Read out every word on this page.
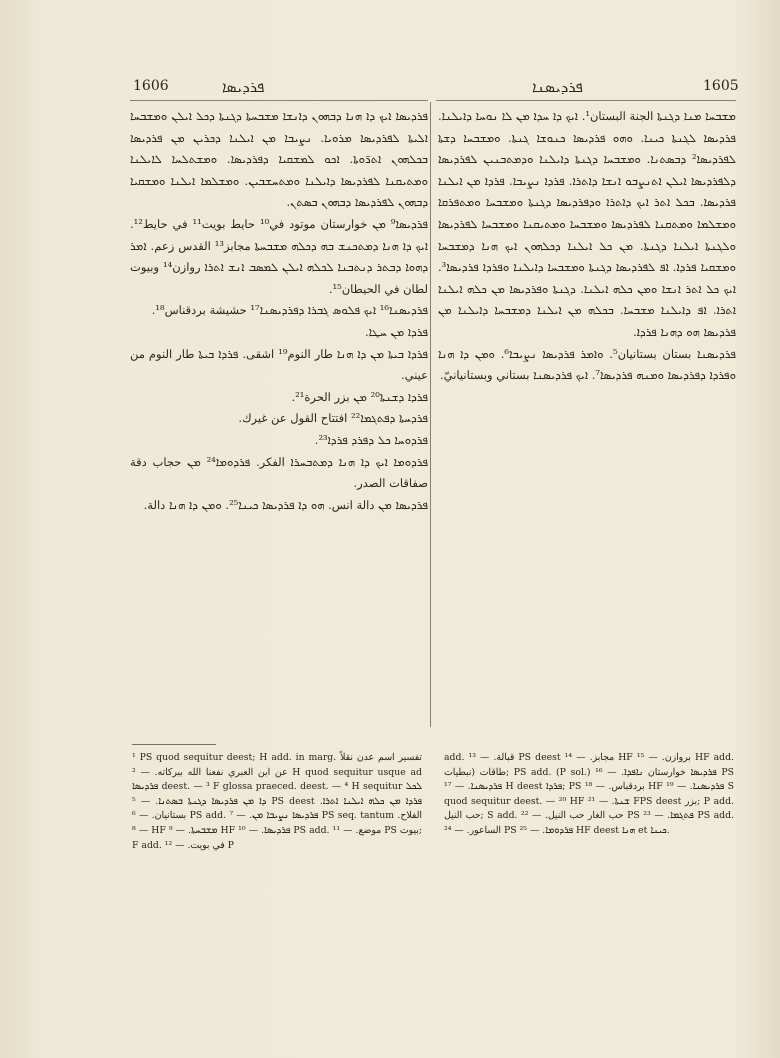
1606	ܦܪܕܝܣܐ	ܦܪܕܝܣܢܐ	1605

ܦܪܕܝܣܐ ܐܝܟ ܕܐ ܗܢܐ ܕܒܗܘܢ ܕܐܢܫܐ ܡܫܒܚܬܐ ܕܓܢܬܐ ܕܟܠ ܐܝܠܢ ܘܡܫܒܚܐ ܐܠܝܬܐ ܠܦܪܕܝܣܐ ܡܪܘܝܐ. ܢܨܝܒܐ ܡܢ ܐܝܠܢܐ ܕܟܪܝܢ ܡܢ ܦܪܕܝܣܐ ܒܟܠܗܘܢ ܐܬܪ̈ܘܬܐ. ܐܟܘ ܠܡܫܩܝܐ ܕܦܪܕܝܣܐ. ܘܡܫܬܠܚܐ ܠܐܝܠܢܐ ܘܡܬܝܩܢܐ ܠܦܪܕܝܣܐ ܕܐܝܠܢܐ ܘܡܬܚܫܒܝܢ. ܘܡܫܠܡܐ ܐܝܠܢܐ ܘܡܫܩܝܐ ܕܒܗܘܢ ܠܦܪܕܝܣܐ ܕܒܗܘܢ ܒܣܬܢ.

ܦܪܕܝܣܐ⁹ ܡܢ خوارستان موتود في¹⁰ حايط بويت¹¹ في حايط¹². ܐܝܟ ܕܐ ܗܢܐ ܕܡܬܟܢܫ ܒܗ ܕܟܠܗ ܡܫܒܚܬܐ مجابز¹³ القدس زعم. ܐܡܪ ܕܗܘܐ ܕܒܬܪ ܕܢܬܒܢܐ ܠܟܠܗ ܐܝܠܢ ܠܡܣܒ ܐܢܫ ܐܬܪܐ روازن¹⁴ وبيوت لطان في الحيطان¹⁵.

ܦܪܕܝܣܢܐ¹⁶ ܐܝܟ ܦܠܘܣ ܓܒܪܐ ܕܦܪܕܝܣܢܐ¹⁷ حشيشة بردقناس¹⁸.

ܦܪܕܐ ܡܢ ܚܛܐ.

ܦܪܕܐ ܒܝܬܐ ܡܢ ܕܐ ܗܢܐ طار النوم¹⁹ اشقى. ܦܪܕܐ ܒܝܬܐ طار النوم من عيني.

ܦܪܕܐ ܕܫܢܬܐ²⁰ ܡܢ بزر الحرة²¹.

ܦܪܕܚܬܐ ܕܦܬܓܡܐ²² افتتاح القول عن غيرك.

ܦܪܕܘܚܐ ܟܠ ܕܦܪܕ ܦܪܕܐ²³.

ܦܪܕܘܡܐ ܐܝܟ ܕܐ ܗܢܐ ܕܡܬܒܚܪܐ الفكر. ܦܪܕܘܡܐ²⁴ ܡܢ حجاب دقة صفاقات الصدر.

ܦܪܕܝܣܐ ܡܢ دالة انس. ܗܘ ܕܐ ܦܪܕܝܣܐ ܟܝܢܐ²⁵. ܘܡܢ ܕܐ ܗܢܐ دالة.

ܡܫܒܚܐ ܡܢܐ ܕܓܢܬܐ الجنة البستان¹. ܐܝܟ ܕܐ ܚܕܐ ܡܢ ܠܐ ܢܘܚܐ ܕܐܝܠܢܐ. ܦܪܕܝܣܐ ܠܓܢܬܐ ܟܝܢܐ. ܘܗܘ ܦܪܕܝܣܐ ܟܢܘܫܐ ܓܢܬܐ. ܘܡܫܒܚܐ ܕܫܬܐ ܠܦܪܕܝܣܐ² ܕܒܣܬܢܐ. ܘܡܫܒܚܐ ܕܓܢܬܐ ܕܐܝܠܢܐ ܘܕܡܬܒܢܝܢ ܠܦܪܕܝܣܐ ܕܠܦܪܕܝܣܐ ܐܝܠܢ ܐܬܢܨܒܘ ܐܢܫܐ ܕܐܬܪܐ. ܦܪܕܐ ܢܨܝܒܐ. ܦܪܕܐ ܡܢ ܐܝܠܢܐ ܦܪܕܝܣܐ. ܒܟܠ ܐܬܪ ܐܝܟ ܕܐܬܪܐ ܘܕܦܪܕܝܣܐ ܕܓܢܬܐ ܘܡܫܒܚܐ ܘܡܬܦܪܩܐ ܘܡܫܠܡܐ ܘܡܬܩܢܐ ܠܦܪܕܝܣܐ ܘܡܫܒܚܐ ܘܡܬܝܩܢܐ ܘܡܫܒܚܐ ܠܦܪܕܝܣܐ ܘܠܓܢܬܐ ܐܝܠܢܐ ܕܓܢܬܐ. ܡܢ ܟܠ ܐܝܠܢܐ ܕܟܠܗܘܢ ܐܝܟ ܗܢܐ ܕܡܫܒܚܐ ܘܡܫܩܝܐ ܦܪܕܐ. ܐܦ ܠܦܪܕܝܣܐ ܕܓܢܬܐ ܘܡܫܒܚܐ ܕܐܝܠܢܐ ܘܦܪܕܐ ܦܪܕܝܣܐ³. ܐܝܟ ܟܠ ܐܬܪ ܐܢܫܐ ܘܡܢ ܟܠܗ ܐܝܠܢܐ. ܕܓܢܬܐ ܘܦܪܕܝܣܐ ܡܢ ܟܠܗ ܐܝܠܢܐ ܐܬܪܐ. ܐܦ ܕܐܝܠܢܐ ܡܫܒܚܐ. ܒܟܠܗ ܡܢ ܐܝܠܢܐ ܕܡܫܒܚܐ ܕܐܝܠܢܐ ܡܢ ܦܪܕܝܣܐ ܗܘ ܕܗܢܐ ܦܪܕܐ.

ܦܪܕܝܣܢܐ بستان بستانيان⁵. ܘܐܡܪ ܦܪܕܝܣܐ ܢܨܝܒܐ⁶. ܘܡܢ ܕܐ ܗܢܐ ܘܦܪܕܐ ܕܦܪܕܝܣܐ ܘܡܢܗ ܦܪܕܝܣܐ⁷. ܐܝܟ ܦܪܕܝܣܢܐ بستاني وبستانيانيّ.

¹ PS quod sequitur deest; H add. in marg. تفسير اسم عدن نقلاً عن ابن العبري نفعنا الله ببركاته. — ² H quod sequitur usque ad ܦܪܕܝܣܐ deest. — ³ F glossa praeced. deest. — ⁴ H sequitur ܠܟܠ ܕܐ ܡܢ ܦܪܕܝܣܐ ܕܓܢܬܐ ܒܣܬܢܐ. — ⁵ PS deest ܦܪܕܐ ܡܢ ܟܠܗ ܐܝܠܢܐ ܐܬܪܐ. بستانيان. — ⁶ PS add. ܦܪܕܝܣܐ ܢܨܝܒܐ ܡܢ. — ⁷ PS seq. tantum الفلاح. — ⁸ HF ܡܫܒܚܬܐ. — ⁹ HF ܦܪܕܝܣܐ. — ¹⁰ PS add. موضع. — ¹¹ PS بيوت; F add. في بويت. — ¹² P

add. قبالة. — ¹³ PS deest مجابز. — ¹⁴ HF بروازن. — ¹⁵ HF add. طاقات (نبطيات; PS add. (P sol.) ܦܪܕܝܣܐ خوارستان ܢܐܦܕܐ. — ¹⁶ PS ܦܪܕܝܣܢܐ. — ¹⁷ H deest ܦܪܕܐ; PS بردقباس. — ¹⁸ HF ܦܪܕܝܣܢܐ. — ¹⁹ S quod sequitur deest. — ²⁰ HF ܫܢܬܐ. — ²¹ FPS deest بزر; P add. حب النيل; S add. حب الغار حب النيل. — ²² PS ܦܬܓܡܐ. — ²³ PS add. الساعور. — ²⁴ PS ܦܪܕܘܡܐ. — ²⁵ HF deest ܗܢܐ et ܟܝܢܐ.
